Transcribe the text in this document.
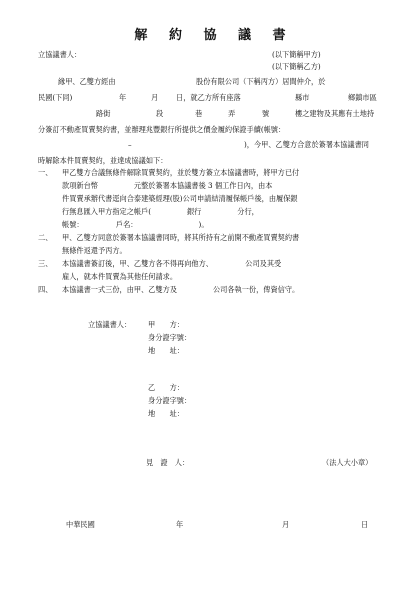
解 約 協 議 書
立協議書人：	(以下簡稱甲方)
(以下簡稱乙方)
緣甲、乙雙方經由	股份有限公司（下稱丙方）居間仲介，於
民國(下同)	年	月 日，就乙方所有座落	縣市	鄉鎮市區
路街	段	巷	弄	號	樓之建物及其應有土地持
分簽訂不動產買賣契約書，並辦理兆豐銀行所提供之價金履約保證手續(帳號：
–	)，今甲、乙雙方合意於簽署本協議書同
時解除本件買賣契約，並達成協議如下：
一、 甲乙雙方合議無條件解除買賣契約，並於雙方簽立本協議書時，將甲方已付
款項新台幣　　　　　元整於簽署本協議書後 3 個工作日內，由本
件買賣承辦代書逕向合泰建築經理(股)公司申請結清履保帳戶後，由履保銀
行無息匯入甲方指定之帳戶(　　　　　銀行　　　　　分行，
帳號：　　　　　戶名：　　　　　　　　　)。
二、 甲、乙雙方同意於簽署本協議書同時，將其所持有之前開不動產買賣契約書
無條件返還予丙方。
三、 本協議書簽訂後，甲、乙雙方各不得再向他方、　　　　　公司及其受
雇人，就本件買賣為其他任何請求。
四、 本協議書一式三份，由甲、乙雙方及　　　　　公司各執一份，俾資信守。
立協議書人： 甲　　方：
身分證字號：
地　　址：
乙　　方：
身分證字號：
地　　址：
見　證　人：	（法人大小章）
中華民國	年	月	日
